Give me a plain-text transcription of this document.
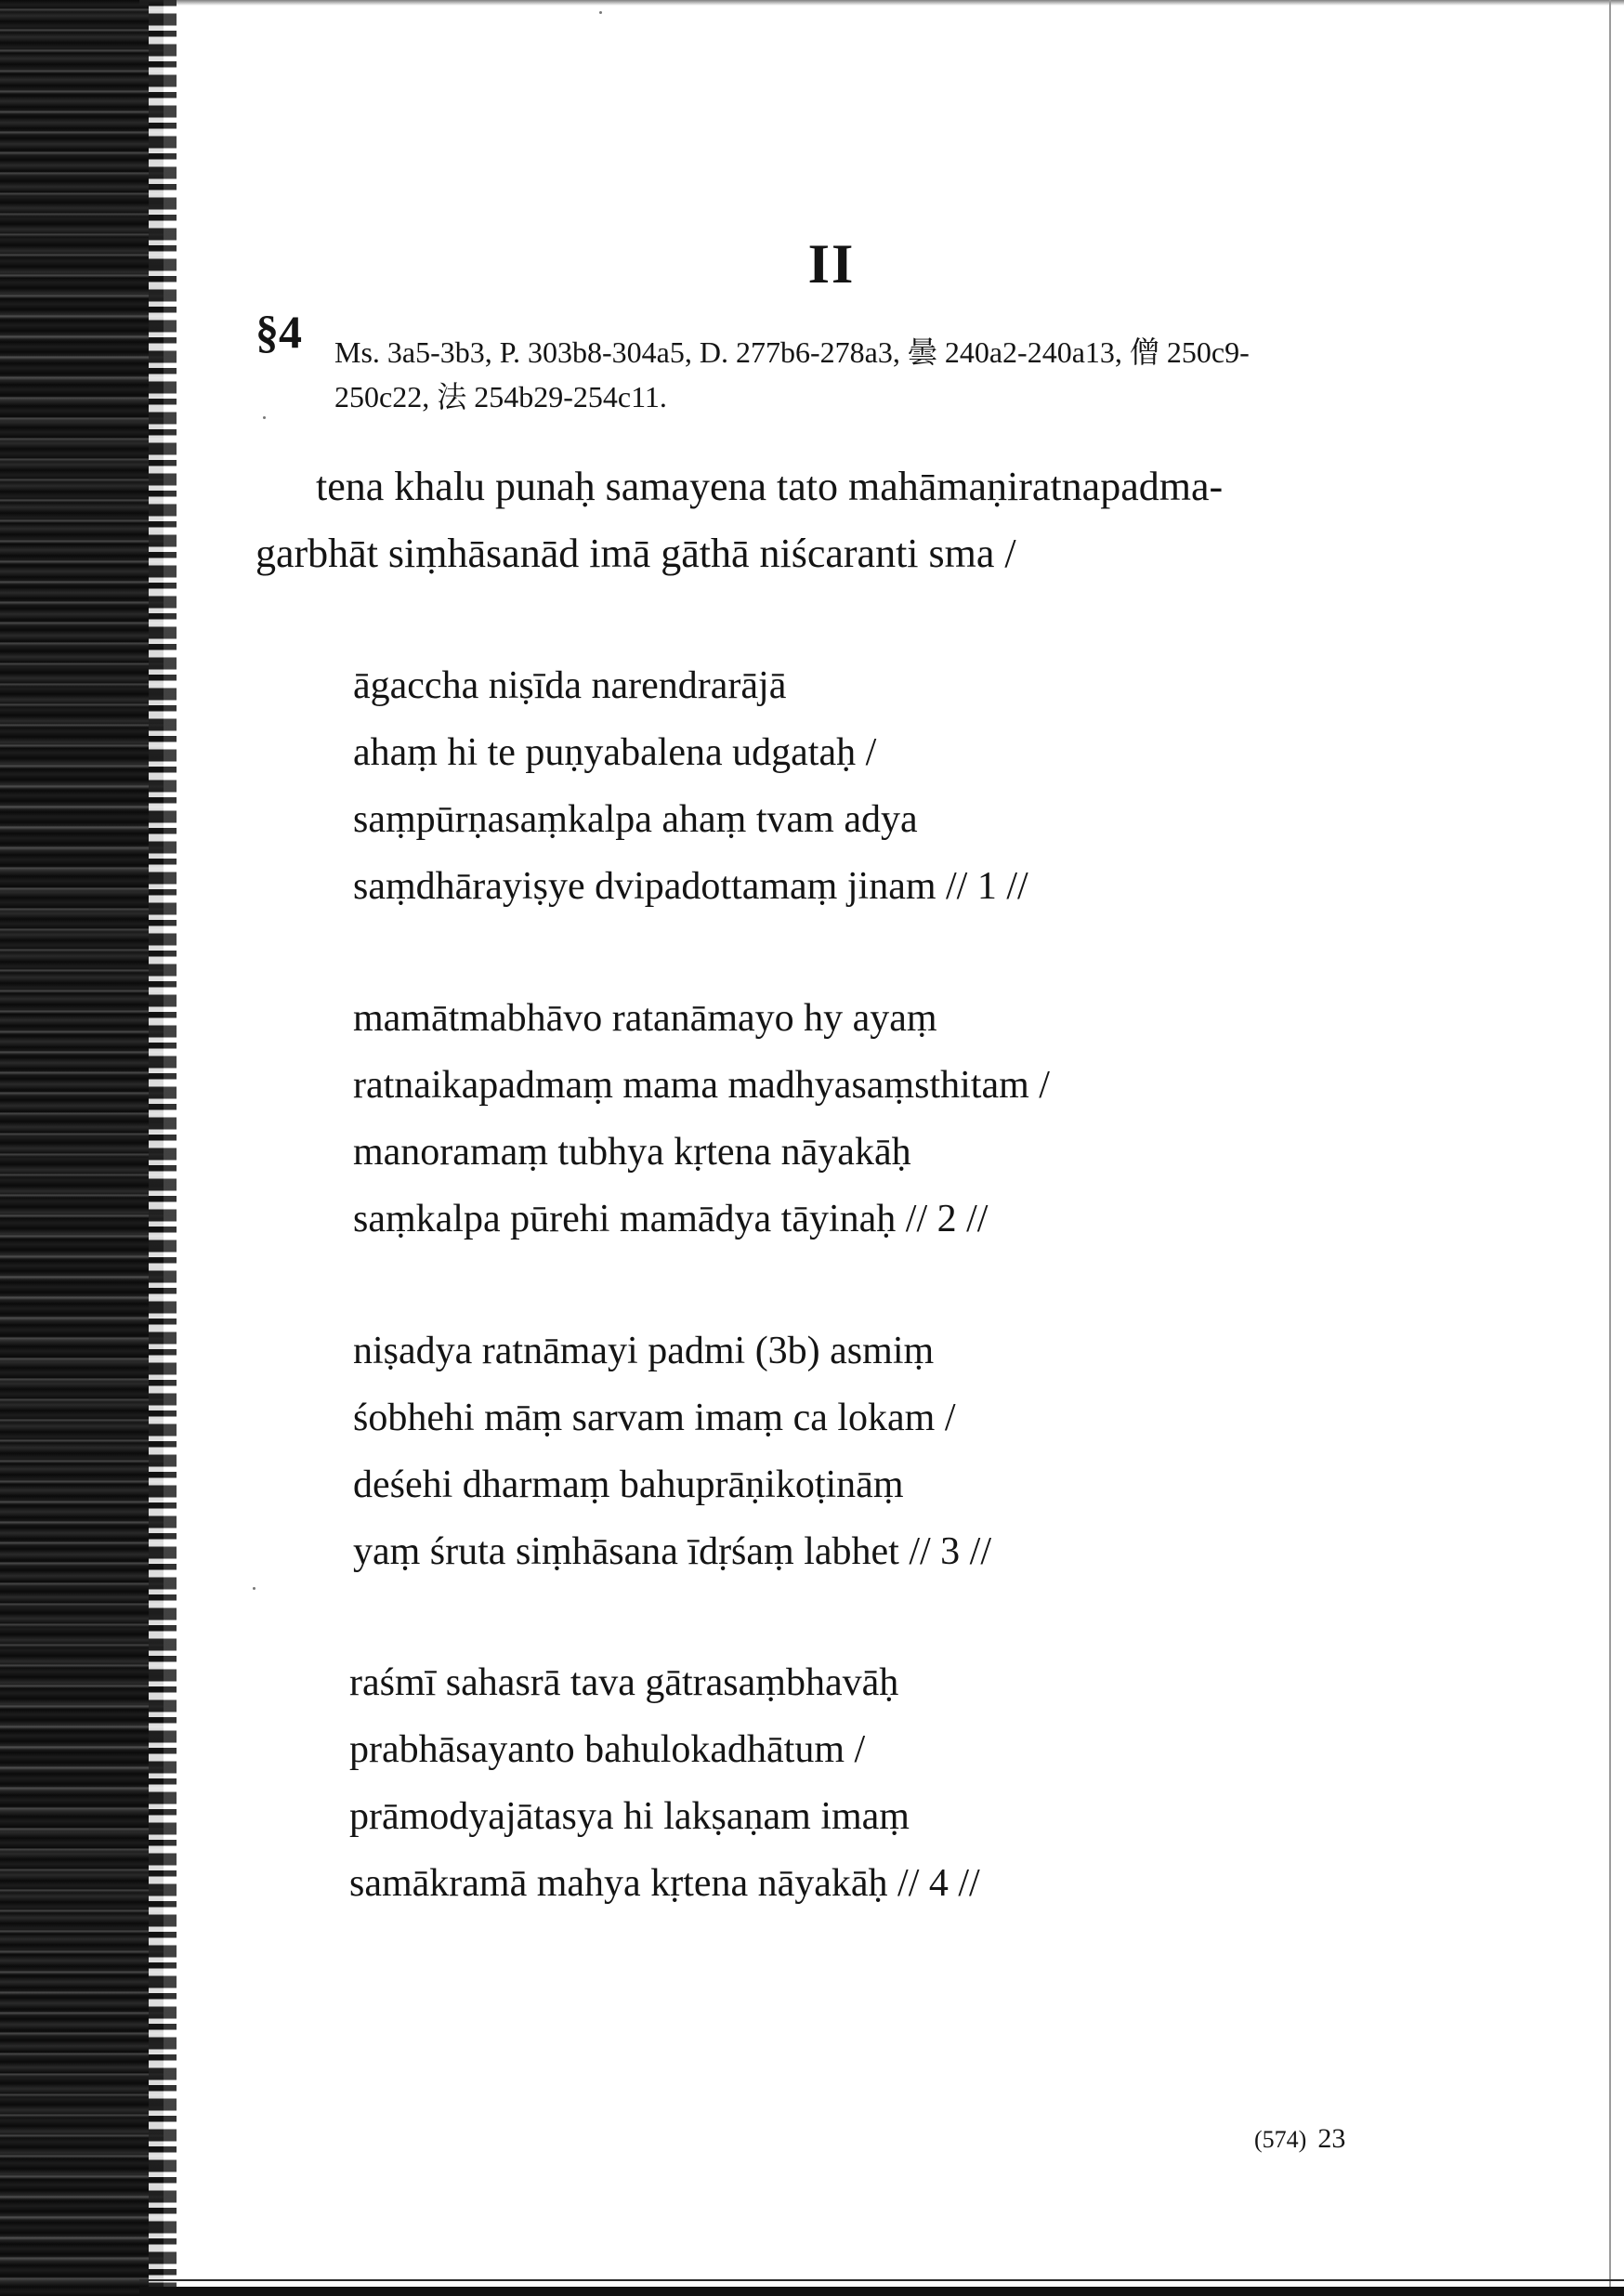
II
§4 Ms. 3a5-3b3, P. 303b8-304a5, D. 277b6-278a3, 曇 240a2-240a13, 僧 250c9-
250c22, 法 254b29-254c11.
tena khalu punaḥ samayena tato mahāmaṇiratnapadma-
garbhāt siṃhāsanād imā gāthā niścaranti sma /
āgaccha niṣīda narendrarājā
ahaṃ hi te puṇyabalena udgataḥ /
saṃpūrṇasaṃkalpa ahaṃ tvam adya
saṃdhārayiṣye dvipadottamaṃ jinam // 1 //
mamātmabhāvo ratanāmayo hy ayaṃ
ratnaikapadmaṃ mama madhyasaṃsthitam /
manoramaṃ tubhya kṛtena nāyakāḥ
saṃkalpa pūrehi mamādya tāyinaḥ // 2 //
niṣadya ratnāmayi padmi (3b) asmiṃ
śobhehi māṃ sarvam imaṃ ca lokam /
deśehi dharmaṃ bahuprāṇikoṭināṃ
yaṃ śruta siṃhāsana īdṛśaṃ labhet // 3 //
raśmī sahasrā tava gātrasaṃbhavāḥ
prabhāsayanto bahulokadhātum /
prāmodyajātasya hi lakṣaṇam imaṃ
samākramā mahya kṛtena nāyakāḥ // 4 //
(574) 23
